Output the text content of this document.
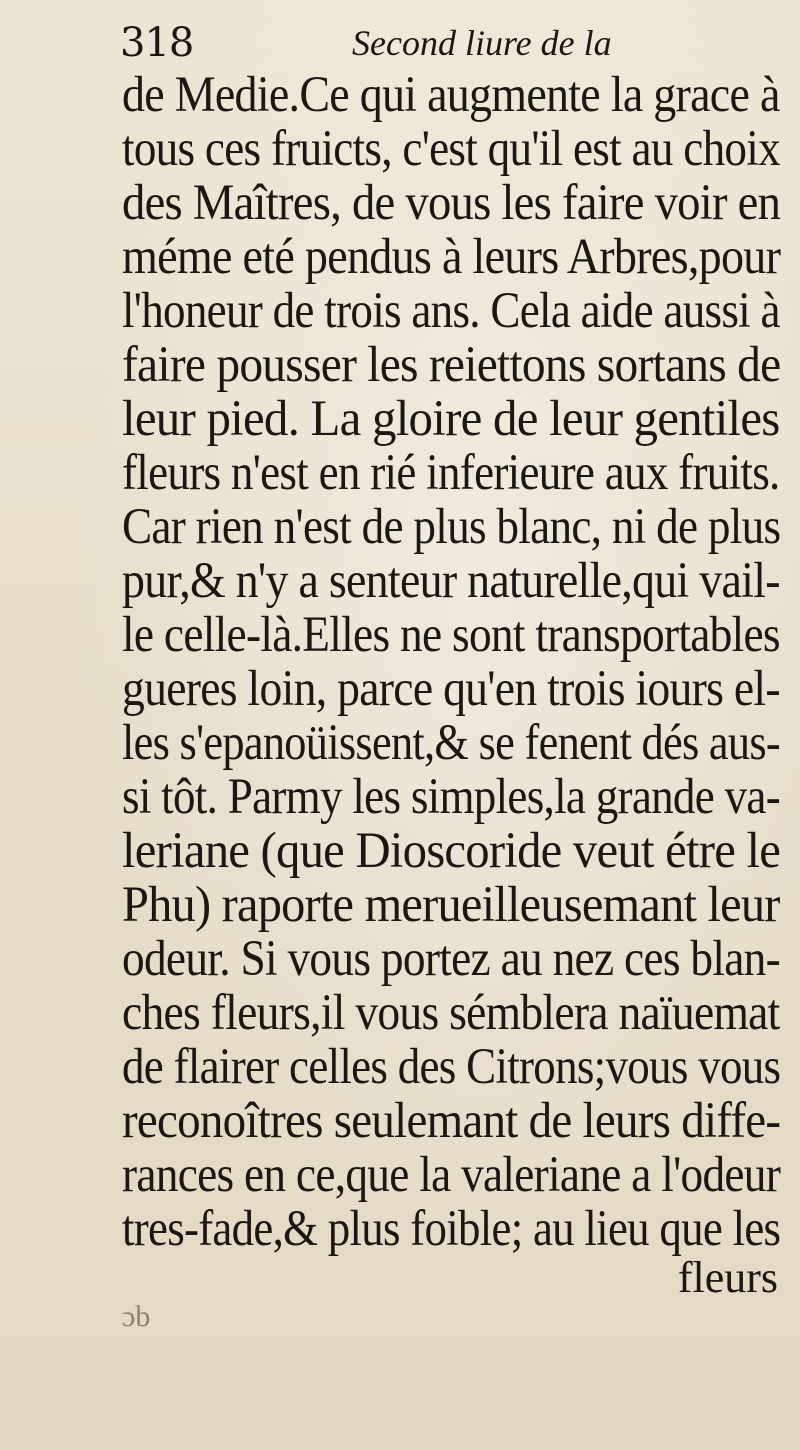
318	Second liure de la
de Medie.Ce qui augmente la grace à
tous ces fruicts, c'est qu'il est au choix
des Maîtres, de vous les faire voir en
méme eté pendus à leurs Arbres,pour
l'honeur de trois ans. Cela aide aussi à
faire pousser les reiettons sortans de
leur pied. La gloire de leur gentiles
fleurs n'est en rié inferieure aux fruits.
Car rien n'est de plus blanc, ni de plus
pur,& n'y a senteur naturelle,qui vail-
le celle-là.Elles ne sont transportables
gueres loin, parce qu'en trois iours el-
les s'epanoüissent,& se fenent dés aus-
si tôt. Parmy les simples,la grande va-
leriane (que Dioscoride veut étre le
Phu) raporte merueilleusemant leur
odeur. Si vous portez au nez ces blan-
ches fleurs,il vous sémblera naïuemat
de flairer celles des Citrons;vous vous
reconoîtres seulemant de leurs diffe-
rances en ce,que la valeriane a l'odeur
tres-fade,& plus foible; au lieu que les
fleurs
ɔb
